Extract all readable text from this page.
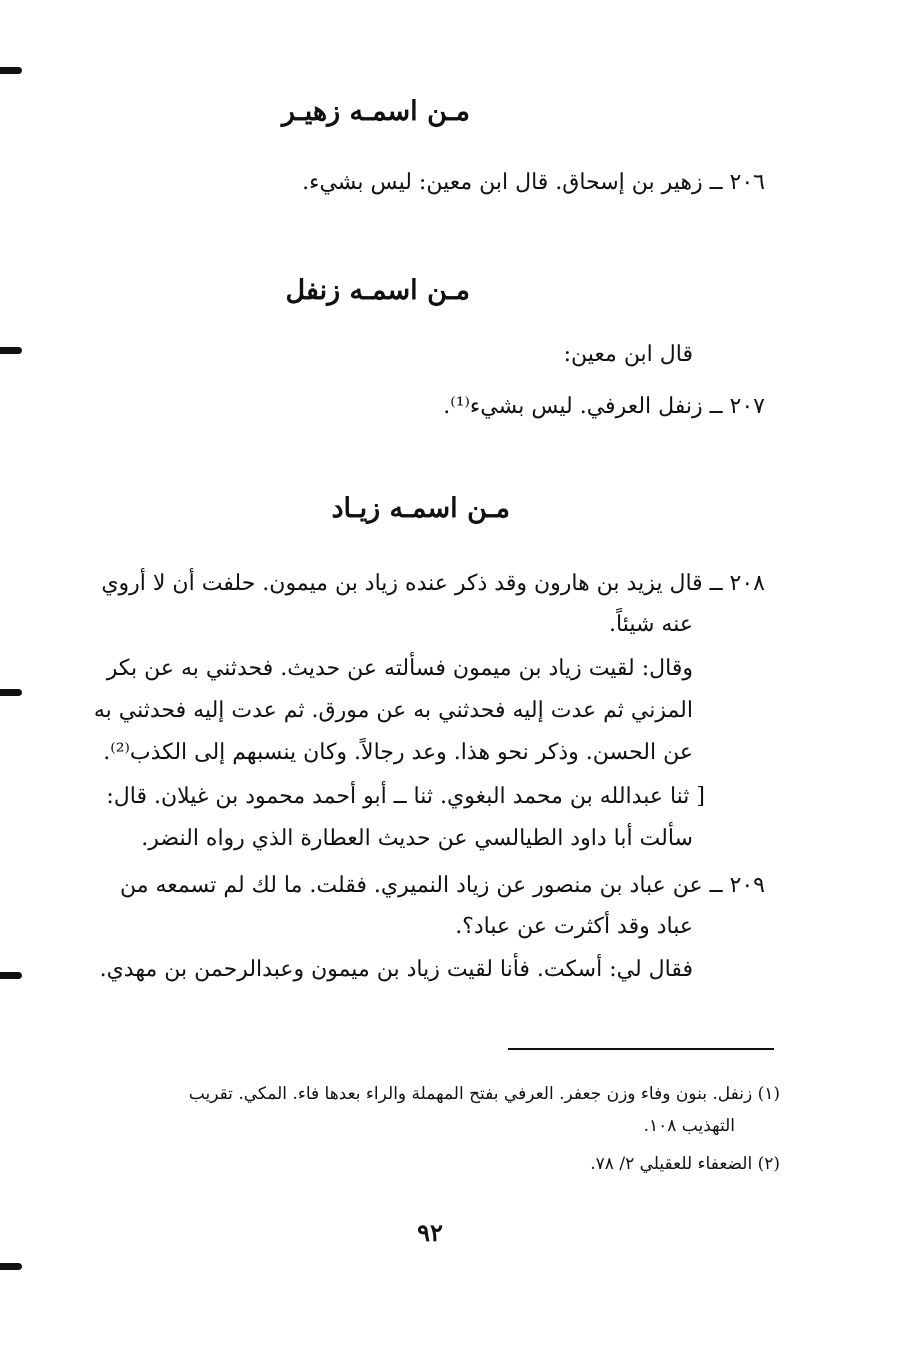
مـن اسمـه زهيـر
٢٠٦ ــ زهير بن إسحاق. قال ابن معين: ليس بشيء.
مـن اسمـه زنفل
قال ابن معين:
٢٠٧ ــ زنفل العرفي. ليس بشيء⁽¹⁾.
مـن اسمـه زيـاد
٢٠٨ ــ قال يزيد بن هارون وقد ذكر عنده زياد بن ميمون. حلفت أن لا أروي
عنه شيئاً.
وقال: لقيت زياد بن ميمون فسألته عن حديث. فحدثني به عن بكر
المزني ثم عدت إليه فحدثني به عن مورق. ثم عدت إليه فحدثني به
عن الحسن. وذكر نحو هذا. وعد رجالاً. وكان ينسبهم إلى الكذب⁽²⁾.
[ ثنا عبدالله بن محمد البغوي. ثنا ــ أبو أحمد محمود بن غيلان. قال:
سألت أبا داود الطيالسي عن حديث العطارة الذي رواه النضر.
٢٠٩ ــ عن عباد بن منصور عن زياد النميري. فقلت. ما لك لم تسمعه من
عباد وقد أكثرت عن عباد؟.
فقال لي: أسكت. فأنا لقيت زياد بن ميمون وعبدالرحمن بن مهدي.
(١) زنفل. بنون وفاء وزن جعفر. العرفي بفتح المهملة والراء بعدها فاء. المكي. تقريب
التهذيب ١٠٨.
(٢) الضعفاء للعقيلي ٢/ ٧٨.
٩٢
